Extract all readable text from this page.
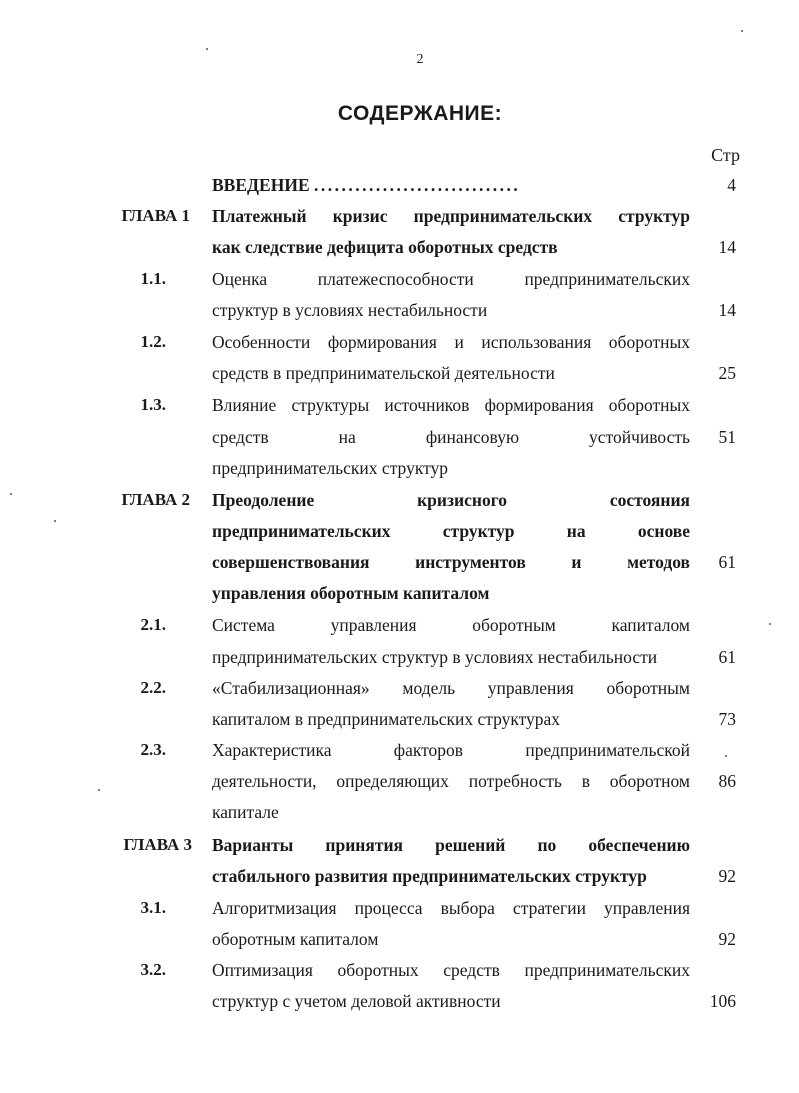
2
СОДЕРЖАНИЕ:
Стр
ВВЕДЕНИЕ ..............................	4
ГЛАВА 1 Платежный кризис предпринимательских структур
как следствие дефицита оборотных средств	14
1.1.	Оценка платежеспособности предпринимательских
структур в условиях нестабильности	14
1.2.	Особенности формирования и использования оборотных
средств в предпринимательской деятельности	25
1.3.	Влияние структуры источников формирования оборотных
средств на финансовую устойчивость	51
предпринимательских структур
ГЛАВА 2 Преодоление кризисного состояния
предпринимательских структур на основе
совершенствования инструментов и методов	61
управления оборотным капиталом
2.1.	Система управления оборотным капиталом
предпринимательских структур в условиях нестабильности	61
2.2.	«Стабилизационная» модель управления оборотным
капиталом в предпринимательских структурах	73
2.3.	Характеристика факторов предпринимательской
деятельности, определяющих потребность в оборотном	86
капитале
ГЛАВА 3 Варианты принятия решений по обеспечению
стабильного развития предпринимательских структур	92
3.1.	Алгоритмизация процесса выбора стратегии управления
оборотным капиталом	92
3.2.	Оптимизация оборотных средств предпринимательских
структур с учетом деловой активности	106
